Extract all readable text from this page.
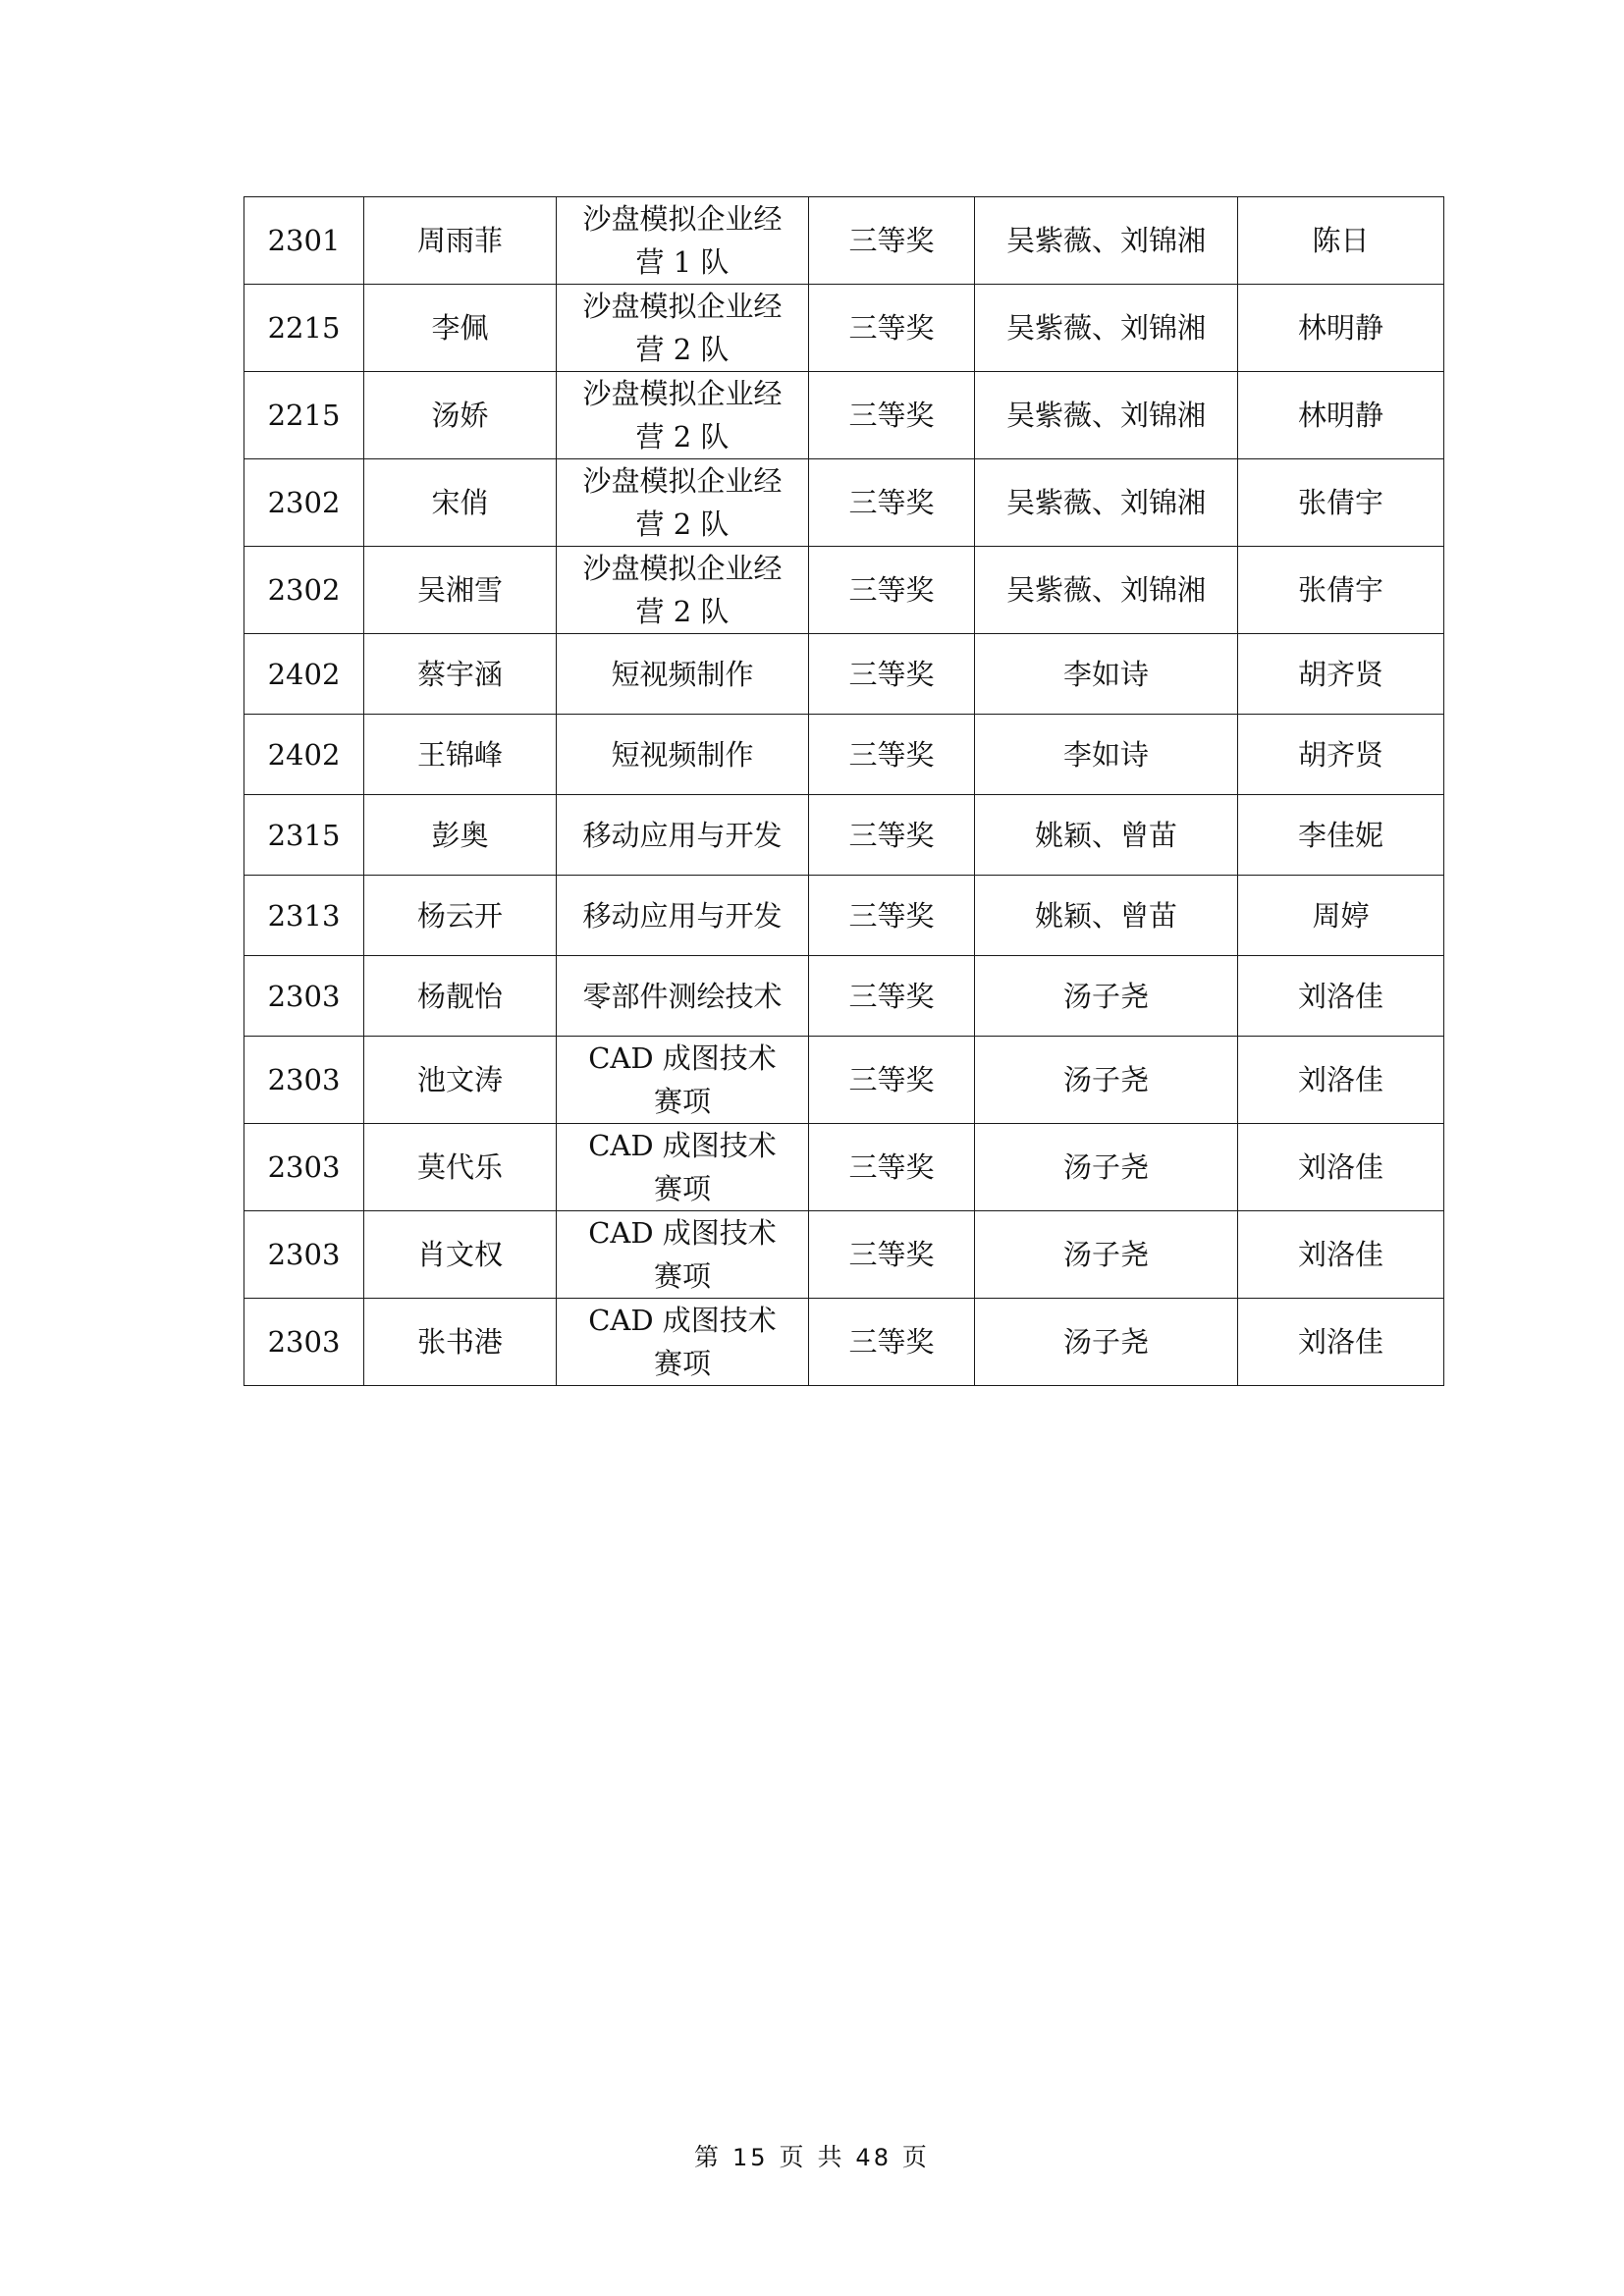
2301	周雨菲	沙盘模拟企业经营 1 队	三等奖	吴紫薇、刘锦湘	陈日
2215	李佩	沙盘模拟企业经营 2 队	三等奖	吴紫薇、刘锦湘	林明静
2215	汤娇	沙盘模拟企业经营 2 队	三等奖	吴紫薇、刘锦湘	林明静
2302	宋俏	沙盘模拟企业经营 2 队	三等奖	吴紫薇、刘锦湘	张倩宇
2302	吴湘雪	沙盘模拟企业经营 2 队	三等奖	吴紫薇、刘锦湘	张倩宇
2402	蔡宇涵	短视频制作	三等奖	李如诗	胡齐贤
2402	王锦峰	短视频制作	三等奖	李如诗	胡齐贤
2315	彭奥	移动应用与开发	三等奖	姚颖、曾苗	李佳妮
2313	杨云开	移动应用与开发	三等奖	姚颖、曾苗	周婷
2303	杨靓怡	零部件测绘技术	三等奖	汤子尧	刘洛佳
2303	池文涛	CAD 成图技术赛项	三等奖	汤子尧	刘洛佳
2303	莫代乐	CAD 成图技术赛项	三等奖	汤子尧	刘洛佳
2303	肖文权	CAD 成图技术赛项	三等奖	汤子尧	刘洛佳
2303	张书港	CAD 成图技术赛项	三等奖	汤子尧	刘洛佳
第 15 页 共 48 页
